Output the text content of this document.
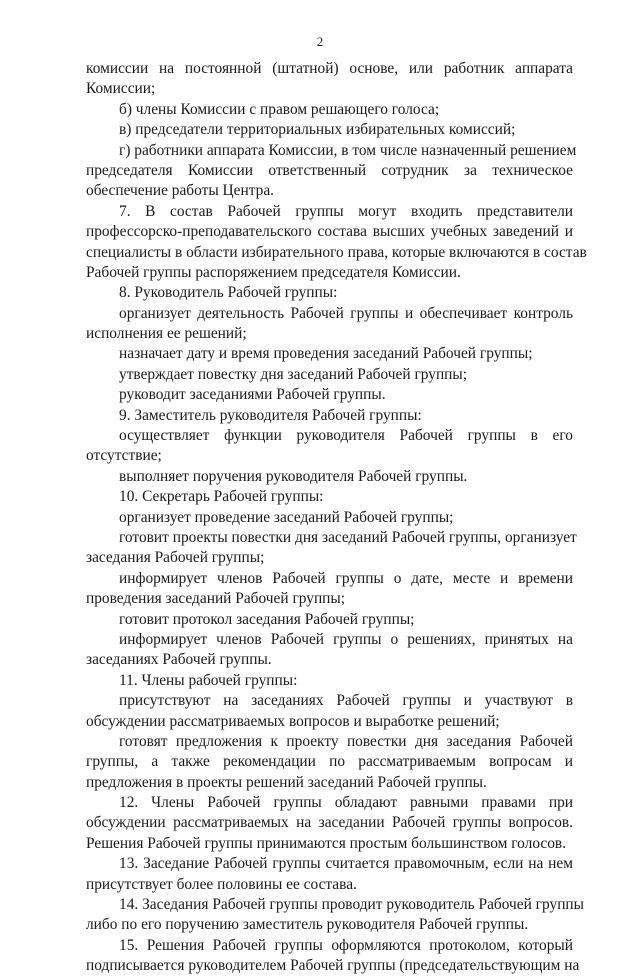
2
комиссии на постоянной (штатной) основе, или работник аппарата
Комиссии;
б) члены Комиссии с правом решающего голоса;
в) председатели территориальных избирательных комиссий;
г) работники аппарата Комиссии, в том числе назначенный решением
председателя Комиссии ответственный сотрудник за техническое
обеспечение работы Центра.
7. В состав Рабочей группы могут входить представители
профессорско-преподавательского состава высших учебных заведений и
специалисты в области избирательного права, которые включаются в состав
Рабочей группы распоряжением председателя Комиссии.
8. Руководитель Рабочей группы:
организует деятельность Рабочей группы и обеспечивает контроль
исполнения ее решений;
назначает дату и время проведения заседаний Рабочей группы;
утверждает повестку дня заседаний Рабочей группы;
руководит заседаниями Рабочей группы.
9. Заместитель руководителя Рабочей группы:
осуществляет функции руководителя Рабочей группы в его
отсутствие;
выполняет поручения руководителя Рабочей группы.
10. Секретарь Рабочей группы:
организует проведение заседаний Рабочей группы;
готовит проекты повестки дня заседаний Рабочей группы, организует
заседания Рабочей группы;
информирует членов Рабочей группы о дате, месте и времени
проведения заседаний Рабочей группы;
готовит протокол заседания Рабочей группы;
информирует членов Рабочей группы о решениях, принятых на
заседаниях Рабочей группы.
11. Члены рабочей группы:
присутствуют на заседаниях Рабочей группы и участвуют в
обсуждении рассматриваемых вопросов и выработке решений;
готовят предложения к проекту повестки дня заседания Рабочей
группы, а также рекомендации по рассматриваемым вопросам и
предложения в проекты решений заседаний Рабочей группы.
12. Члены Рабочей группы обладают равными правами при
обсуждении рассматриваемых на заседании Рабочей группы вопросов.
Решения Рабочей группы принимаются простым большинством голосов.
13. Заседание Рабочей группы считается правомочным, если на нем
присутствует более половины ее состава.
14. Заседания Рабочей группы проводит руководитель Рабочей группы
либо по его поручению заместитель руководителя Рабочей группы.
15. Решения Рабочей группы оформляются протоколом, который
подписывается руководителем Рабочей группы (председательствующим на
